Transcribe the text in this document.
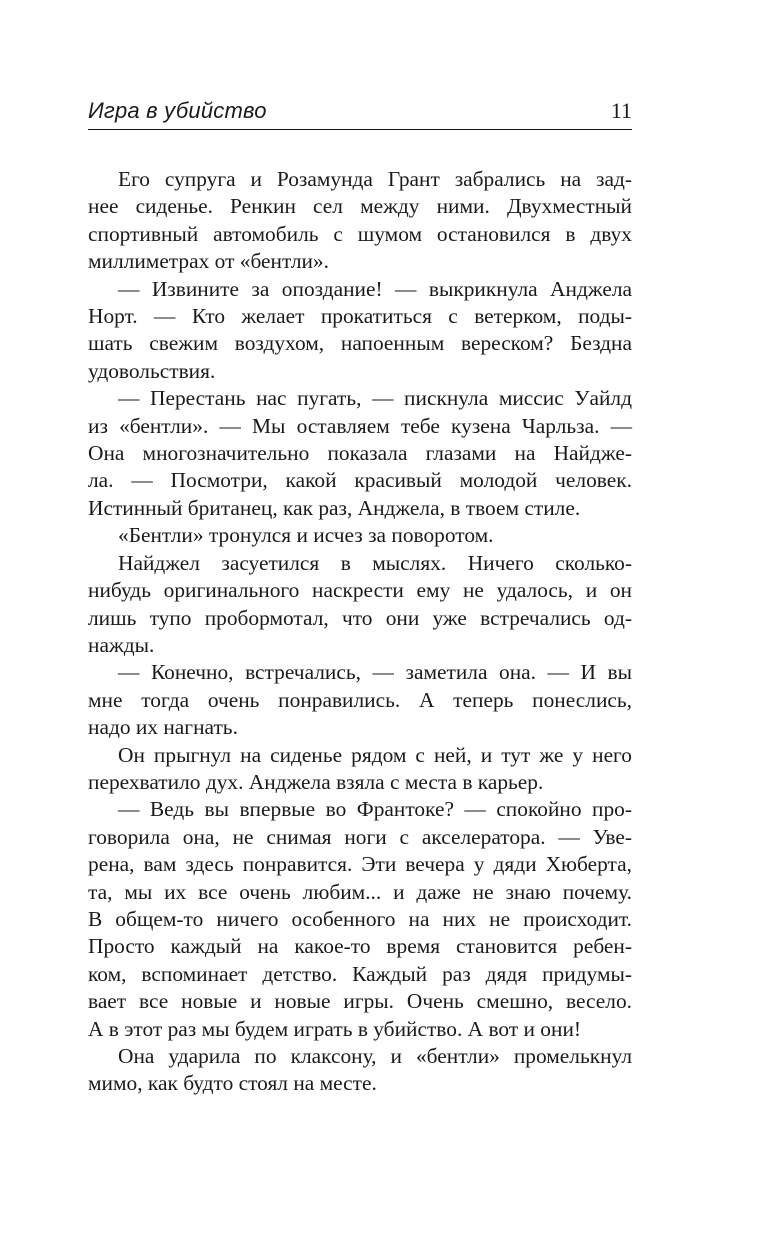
Игра в убийство	11

Его супруга и Розамунда Грант забрались на зад-
нее сиденье. Ренкин сел между ними. Двухместный
спортивный автомобиль с шумом остановился в двух
миллиметрах от «бентли».

— Извините за опоздание! — выкрикнула Анджела
Норт. — Кто желает прокатиться с ветерком, поды-
шать свежим воздухом, напоенным вереском? Бездна
удовольствия.

— Перестань нас пугать, — пискнула миссис Уайлд
из «бентли». — Мы оставляем тебе кузена Чарльза. —
Она многозначительно показала глазами на Найдже-
ла. — Посмотри, какой красивый молодой человек.
Истинный британец, как раз, Анджела, в твоем стиле.

«Бентли» тронулся и исчез за поворотом.

Найджел засуетился в мыслях. Ничего сколько-
нибудь оригинального наскрести ему не удалось, и он
лишь тупо пробормотал, что они уже встречались од-
нажды.

— Конечно, встречались, — заметила она. — И вы
мне тогда очень понравились. А теперь понеслись,
надо их нагнать.

Он прыгнул на сиденье рядом с ней, и тут же у него
перехватило дух. Анджела взяла с места в карьер.

— Ведь вы впервые во Франтоке? — спокойно про-
говорила она, не снимая ноги с акселератора. — Уве-
рена, вам здесь понравится. Эти вечера у дяди Хюберта,
та, мы их все очень любим... и даже не знаю почему.
В общем-то ничего особенного на них не происходит.
Просто каждый на какое-то время становится ребен-
ком, вспоминает детство. Каждый раз дядя придумы-
вает все новые и новые игры. Очень смешно, весело.
А в этот раз мы будем играть в убийство. А вот и они!

Она ударила по клаксону, и «бентли» промелькнул
мимо, как будто стоял на месте.
